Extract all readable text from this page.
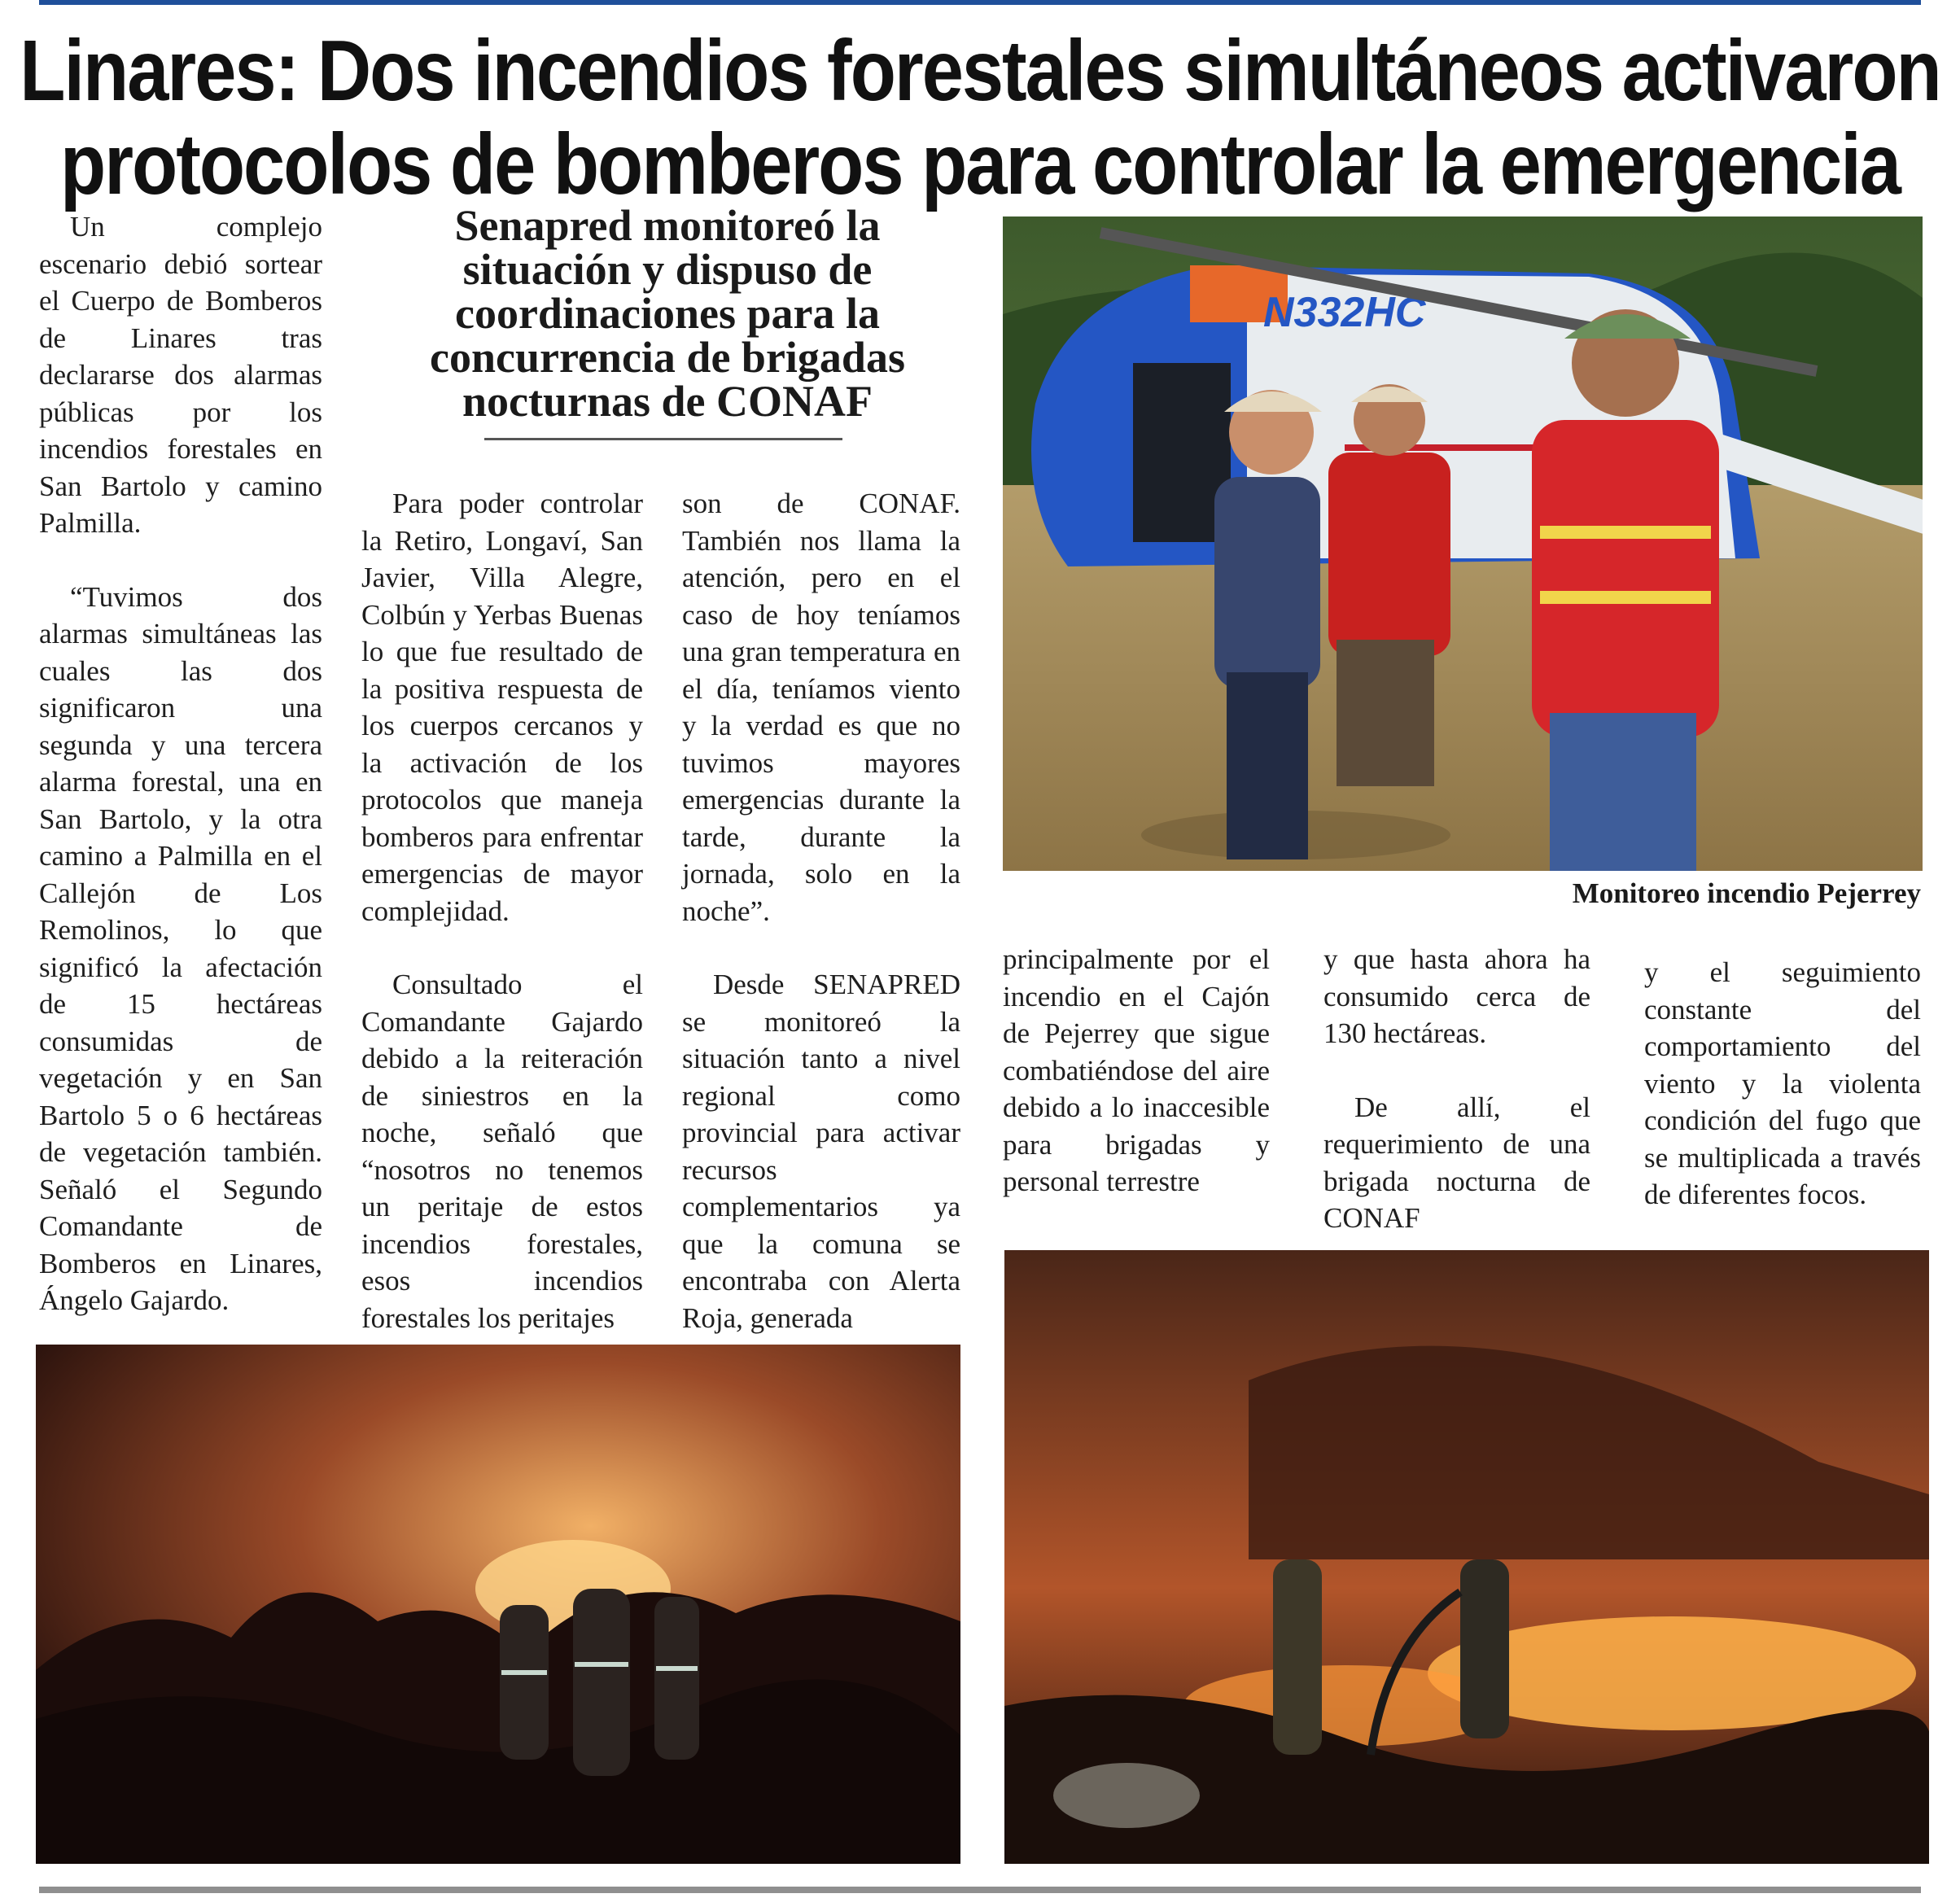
Linares: Dos incendios forestales simultáneos activaron
protocolos de bomberos para controlar la emergencia

Un complejo escenario debió sortear el Cuerpo de Bomberos de Linares tras declararse dos alarmas públicas por los incendios forestales en San Bartolo y camino Palmilla.

“Tuvimos dos alarmas simultáneas las cuales las dos significaron una segunda y una tercera alarma forestal, una en San Bartolo, y la otra camino a Palmilla en el Callejón de Los Remolinos, lo que significó la afectación de 15 hectáreas consumidas de vegetación y en San Bartolo 5 o 6 hectáreas de vegetación también. Señaló el Segundo Comandante de Bomberos en Linares, Ángelo Gajardo.

Senapred monitoreó la situación y dispuso de coordinaciones para la concurrencia de brigadas nocturnas de CONAF

Para poder controlar la Retiro, Longaví, San Javier, Villa Alegre, Colbún y Yerbas Buenas lo que fue resultado de la positiva respuesta de los cuerpos cercanos y la activación de los protocolos que maneja bomberos para enfrentar emergencias de mayor complejidad.

Consultado el Comandante Gajardo debido a la reiteración de siniestros en la noche, señaló que “nosotros no tenemos un peritaje de estos incendios forestales, esos incendios forestales los peritajes

son de CONAF. También nos llama la atención, pero en el caso de hoy teníamos una gran temperatura en el día, teníamos viento y la verdad es que no tuvimos mayores emergencias durante la tarde, durante la jornada, solo en la noche”.

Desde SENAPRED se monitoreó la situación tanto a nivel regional como provincial para activar recursos complementarios ya que la comuna se encontraba con Alerta Roja, generada

N332HC
Monitoreo incendio Pejerrey

principalmente por el incendio en el Cajón de Pejerrey que sigue combatiéndose del aire debido a lo inaccesible para brigadas y personal terrestre

y que hasta ahora ha consumido cerca de 130 hectáreas.

De allí, el requerimiento de una brigada nocturna de CONAF

y el seguimiento constante del comportamiento del viento y la violenta condición del fugo que se multiplicada a través de diferentes focos.
